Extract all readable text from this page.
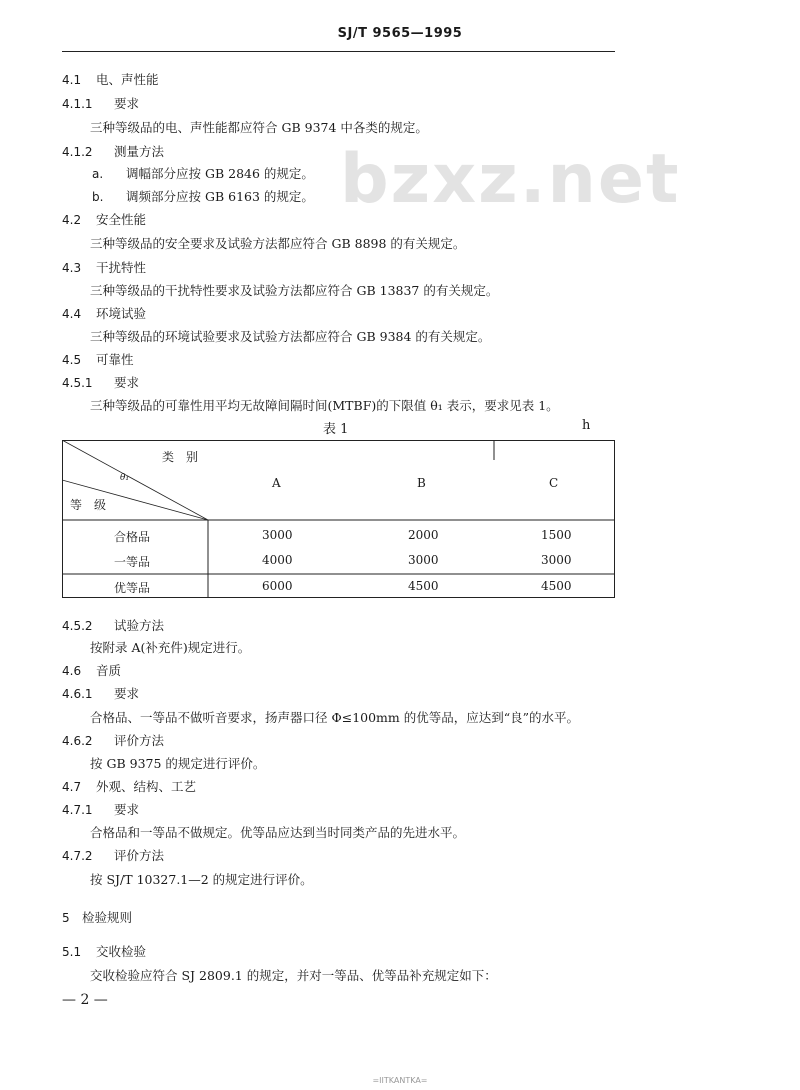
SJ/T 9565—1995
bzxz.net
4.1 电、声性能
4.1.1 要求
三种等级品的电、声性能都应符合 GB 9374 中各类的规定。
4.1.2 测量方法
a. 调幅部分应按 GB 2846 的规定。
b. 调频部分应按 GB 6163 的规定。
4.2 安全性能
三种等级品的安全要求及试验方法都应符合 GB 8898 的有关规定。
4.3 干扰特性
三种等级品的干扰特性要求及试验方法都应符合 GB 13837 的有关规定。
4.4 环境试验
三种等级品的环境试验要求及试验方法都应符合 GB 9384 的有关规定。
4.5 可靠性
4.5.1 要求
三种等级品的可靠性用平均无故障间隔时间(MTBF)的下限值 θ₁ 表示，要求见表 1。
4.5.2 试验方法
按附录 A(补充件)规定进行。
4.6 音质
4.6.1 要求
合格品、一等品不做听音要求，扬声器口径 Φ≤100mm 的优等品，应达到“良”的水平。
4.6.2 评价方法
按 GB 9375 的规定进行评价。
4.7 外观、结构、工艺
4.7.1 要求
合格品和一等品不做规定。优等品应达到当时同类产品的先进水平。
4.7.2 评价方法
按 SJ/T 10327.1—2 的规定进行评价。
5 检验规则
5.1 交收检验
交收检验应符合 SJ 2809.1 的规定，并对一等品、优等品补充规定如下：
表 1	h
类　别
θ₁
等　级
A	B	C
合格品	3000	2000	1500
一等品	4000	3000	3000
优等品	6000	4500	4500
— 2 —
=IITKANTKA=
